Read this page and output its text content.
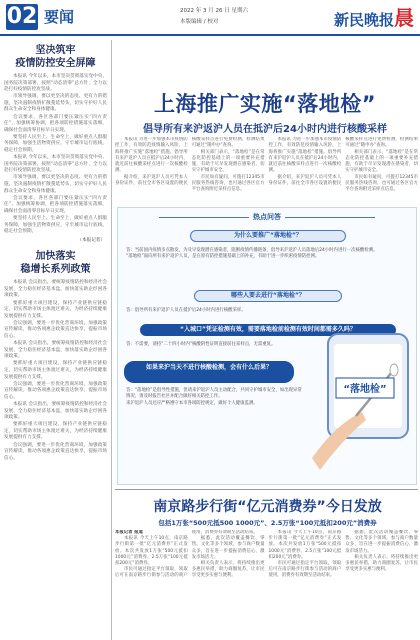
02 要闻	2022 年 3 月 26 日 星期六
本版编辑 / 校对	新民晚报晨
坚决筑牢
疫情防控安全屏障

本报讯 今年以来，本市坚决贯彻落实党中央、国务院决策部署，按照“动态清零”总方针，全力以赴打好疫情防控攻坚战。

市领导强调，要以更坚决的态度、更有力的措施，坚决遏制疫情扩散蔓延势头，切实守护好人民群众生命安全和身体健康。

会议要求，各区各部门要压紧压实“四方责任”，加强统筹协调，把各项防控措施落实落细，确保社会面清零目标早日实现。

要坚持人民至上、生命至上，做好重点人群服务保障，加强生活物资供应，守牢城市运行底线，稳定社会预期。

本报讯 今年以来，本市坚决贯彻落实党中央、国务院决策部署，按照“动态清零”总方针，全力以赴打好疫情防控攻坚战。

市领导强调，要以更坚决的态度、更有力的措施，坚决遏制疫情扩散蔓延势头，切实守护好人民群众生命安全和身体健康。

会议要求，各区各部门要压紧压实“四方责任”，加强统筹协调，把各项防控措施落实落细，确保社会面清零目标早日实现。

要坚持人民至上、生命至上，做好重点人群服务保障，加强生活物资供应，守牢城市运行底线，稳定社会预期。

（本报记者）
加快落实
稳增长系列政策

本报讯 会议指出，要统筹疫情防控和经济社会发展，全力稳住经济基本盘，加快落实助企纾困各项政策。

要抓好重大项目建设，保持产业链供应链稳定，切实帮助市场主体渡过难关，为经济持续健康发展提供有力支撑。

会议强调，要进一步优化营商环境，加强政策宣传解读，推动各项惠企政策直达快享，提振市场信心。

本报讯 会议指出，要统筹疫情防控和经济社会发展，全力稳住经济基本盘，加快落实助企纾困各项政策。

要抓好重大项目建设，保持产业链供应链稳定，切实帮助市场主体渡过难关，为经济持续健康发展提供有力支撑。

会议强调，要进一步优化营商环境，加强政策宣传解读，推动各项惠企政策直达快享，提振市场信心。

本报讯 会议指出，要统筹疫情防控和经济社会发展，全力稳住经济基本盘，加快落实助企纾困各项政策。

要抓好重大项目建设，保持产业链供应链稳定，切实帮助市场主体渡过难关，为经济持续健康发展提供有力支撑。

会议强调，要进一步优化营商环境，加强政策宣传解读，推动各项惠企政策直达快享，提振市场信心。

上海推广实施“落地检”
倡导所有来沪返沪人员在抵沪后24小时内进行核酸采样

本报讯 为进一步加强本市疫情防控工作，有效防范疫情输入风险，上海将推广实施“落地检”措施。倡导所有来沪返沪人员在抵沪后24小时内，就近前往核酸采样点进行一次核酸检测。

据介绍，来沪返沪人员可凭本人身份证件，前往全市各区设置的便民核酸采样点进行免费检测，检测结果可通过“随申办”查询。

相关部门表示，“落地检”是在常态化防控基础上的一项重要补充措施，有助于尽早发现潜在感染者，切实守护城市安全。

市民如有疑问，可拨打12345市民服务热线咨询，也可通过各区官方平台查询附近采样点信息。

本报讯 为进一步加强本市疫情防控工作，有效防范疫情输入风险，上海将推广实施“落地检”措施。倡导所有来沪返沪人员在抵沪后24小时内，就近前往核酸采样点进行一次核酸检测。

据介绍，来沪返沪人员可凭本人身份证件，前往全市各区设置的便民核酸采样点进行免费检测，检测结果可通过“随申办”查询。

相关部门表示，“落地检”是在常态化防控基础上的一项重要补充措施，有助于尽早发现潜在感染者，切实守护城市安全。

市民如有疑问，可拨打12345市民服务热线咨询，也可通过各区官方平台查询附近采样点信息。

热点问答
为什么要推广“落地检”？
答：当前国内疫情多点散发，为及早发现潜在感染者，阻断疫情传播链条，倡导来沪返沪人员落地后24小时内进行一次核酸检测。
“落地检”面向所有来沪返沪人员，是在原有防控措施基础上的补充，有助于进一步织密疫情防控网。
哪些人要去进行“落地检”？
答：倡导所有来沪返沪人员在抵沪后24小时内进行核酸采样。
“入城口”凭证检测有效，需要落地检前检测有效时间都需多久吗？
答：不需要，请持“二十四小时内”核酸阴性证明直接前往采样点，无需重复。
如果来沪当天不进行核酸检测，会有什么后果？
答：“落地检”是倡导性措施，但请来沪返沪人员主动配合，共同守护城市安全，如出现异常情况，请及时报告社区并配合做好相关防控工作。
来沪返沪人员还应严格遵守本市各项防控规定，做好个人健康监测。
“落地检”
南京路步行街“亿元消费券”今日发放
包括1万张“500元抵500 1000元”、2.5万张“100元抵扣200元”消费券

本报记者 报道

本报讯 今天上午10点，南京路步行街第一批“亿元消费券”正式发放。本次共发放1万张“500元抵扣1000元”消费券、2.5万张“100元抵扣200元”消费券。

市民可通过指定平台领取，领取后可在南京路步行街参与活动的商户使用，消费券有效期至活动结束。

据悉，此次活动覆盖餐饮、零售、文化等多个领域，参与商户数量众多，旨在进一步提振消费信心，激发市场活力。

相关负责人表示，将持续推出更多惠民举措，助力商圈复苏，让市民享受更多实惠与便利。

本报讯 今天上午10点，南京路步行街第一批“亿元消费券”正式发放。本次共发放1万张“500元抵扣1000元”消费券、2.5万张“100元抵扣200元”消费券。

市民可通过指定平台领取，领取后可在南京路步行街参与活动的商户使用，消费券有效期至活动结束。

据悉，此次活动覆盖餐饮、零售、文化等多个领域，参与商户数量众多，旨在进一步提振消费信心，激发市场活力。

相关负责人表示，将持续推出更多惠民举措，助力商圈复苏，让市民享受更多实惠与便利。
